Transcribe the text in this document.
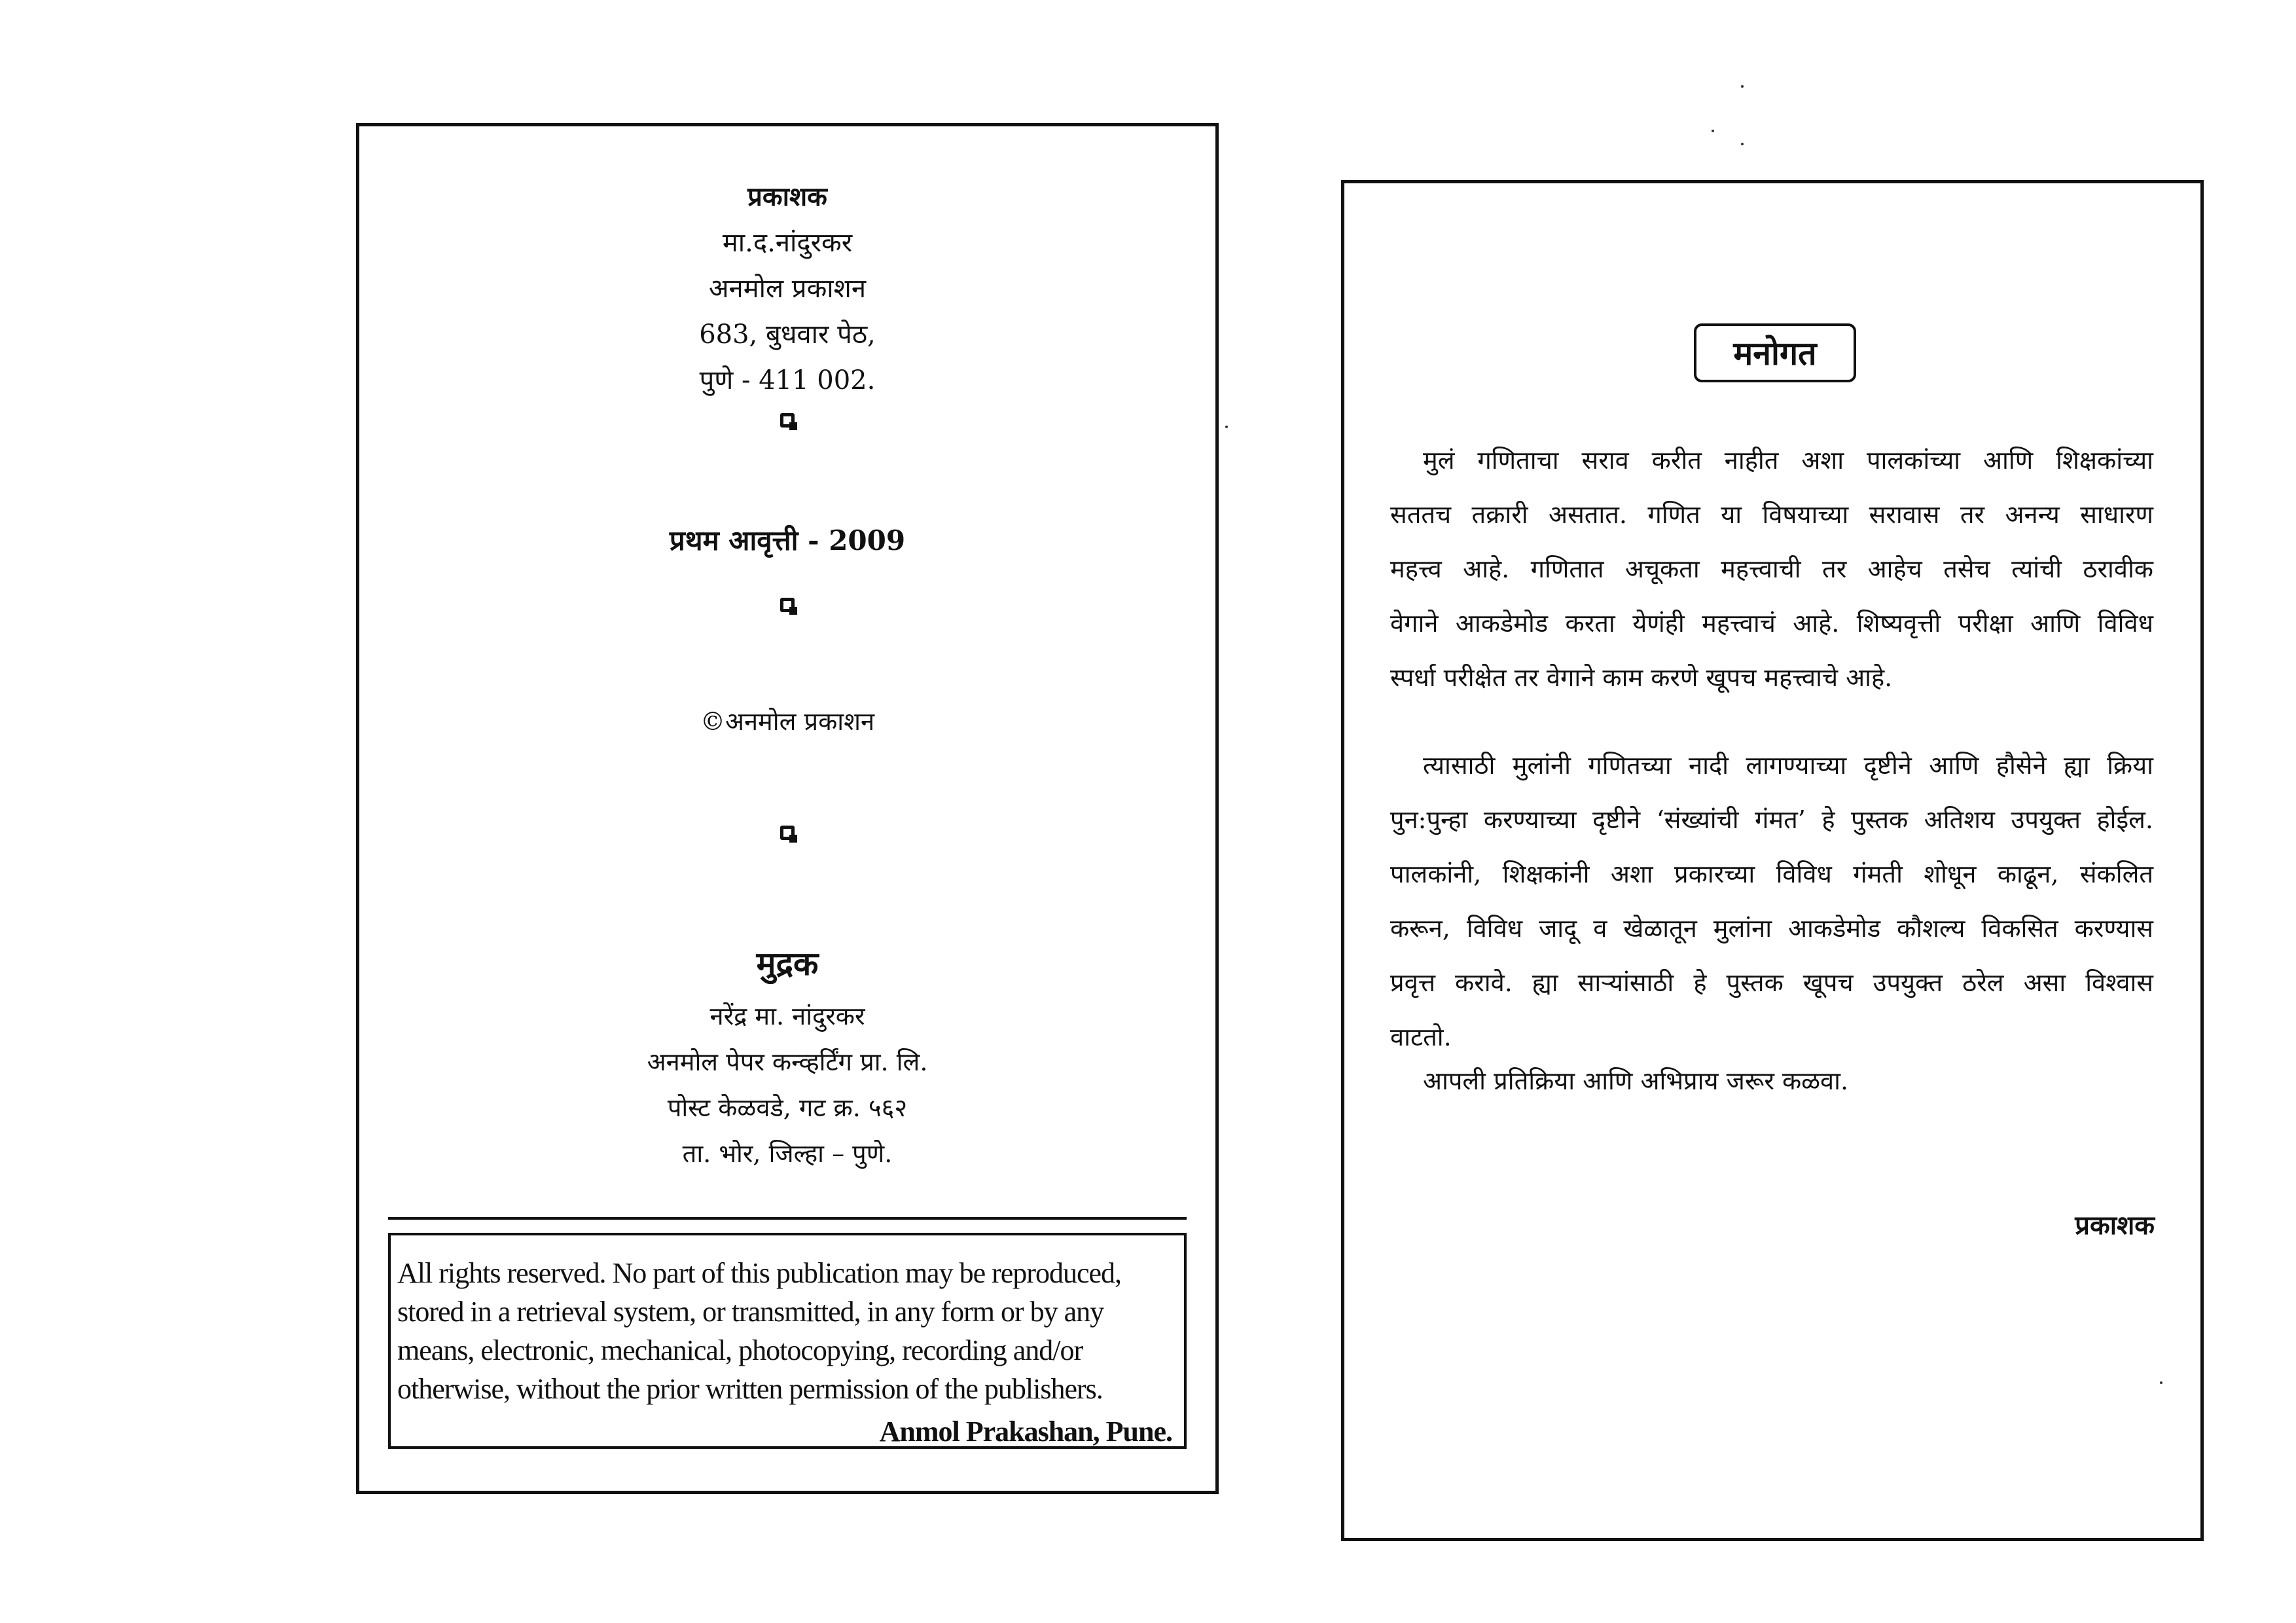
प्रकाशक
मा.द.नांदुरकर
अनमोल प्रकाशन
683, बुधवार पेठ,
पुणे - 411 002.
प्रथम आवृत्ती - 2009
©अनमोल प्रकाशन
मुद्रक
नरेंद्र मा. नांदुरकर
अनमोल पेपर कन्व्हर्टिंग प्रा. लि.
पोस्ट केळवडे, गट क्र. ५६२
ता. भोर, जिल्हा – पुणे.
All rights reserved. No part of this publication may be reproduced,
stored in a retrieval system, or transmitted, in any form or by any
means, electronic, mechanical, photocopying, recording and/or
otherwise, without the prior written permission of the publishers.
Anmol Prakashan, Pune.
मनोगत
मुलं गणिताचा सराव करीत नाहीत अशा पालकांच्या आणि शिक्षकांच्या
सततच तक्रारी असतात. गणित या विषयाच्या सरावास तर अनन्य साधारण
महत्त्व आहे. गणितात अचूकता महत्त्वाची तर आहेच तसेच त्यांची ठरावीक
वेगाने आकडेमोड करता येणंही महत्त्वाचं आहे. शिष्यवृत्ती परीक्षा आणि विविध
स्पर्धा परीक्षेत तर वेगाने काम करणे खूपच महत्त्वाचे आहे.
त्यासाठी मुलांनी गणितच्या नादी लागण्याच्या दृष्टीने आणि हौसेने ह्या क्रिया
पुन:पुन्हा करण्याच्या दृष्टीने ‘संख्यांची गंमत’ हे पुस्तक अतिशय उपयुक्त होईल.
पालकांनी, शिक्षकांनी अशा प्रकारच्या विविध गंमती शोधून काढून, संकलित
करून, विविध जादू व खेळातून मुलांना आकडेमोड कौशल्य विकसित करण्यास
प्रवृत्त करावे. ह्या साऱ्यांसाठी हे पुस्तक खूपच उपयुक्त ठरेल असा विश्वास
वाटतो.
आपली प्रतिक्रिया आणि अभिप्राय जरूर कळवा.
प्रकाशक
